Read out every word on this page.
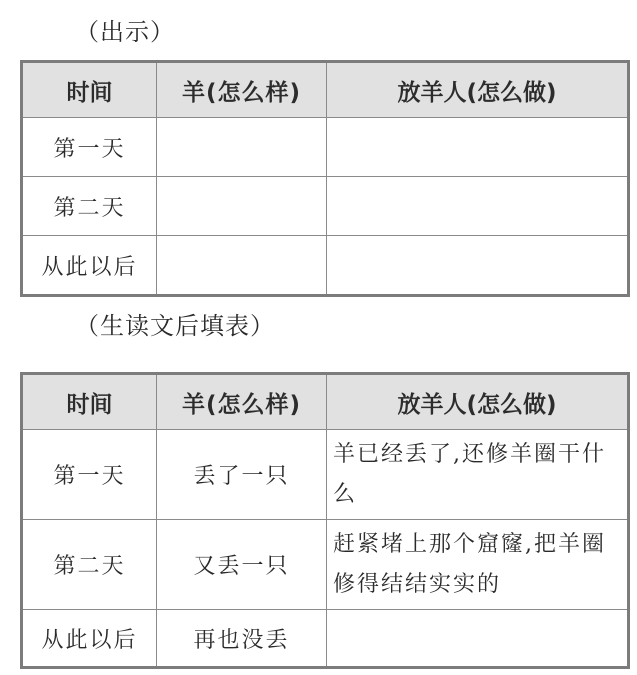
（出示）
时间	羊(怎么样)	放羊人(怎么做)
第一天		
第二天		
从此以后		
（生读文后填表）
时间	羊(怎么样)	放羊人(怎么做)
第一天	丢了一只	羊已经丢了,还修羊圈干什么
第二天	又丢一只	赶紧堵上那个窟窿,把羊圈修得结结实实的
从此以后	再也没丢	
